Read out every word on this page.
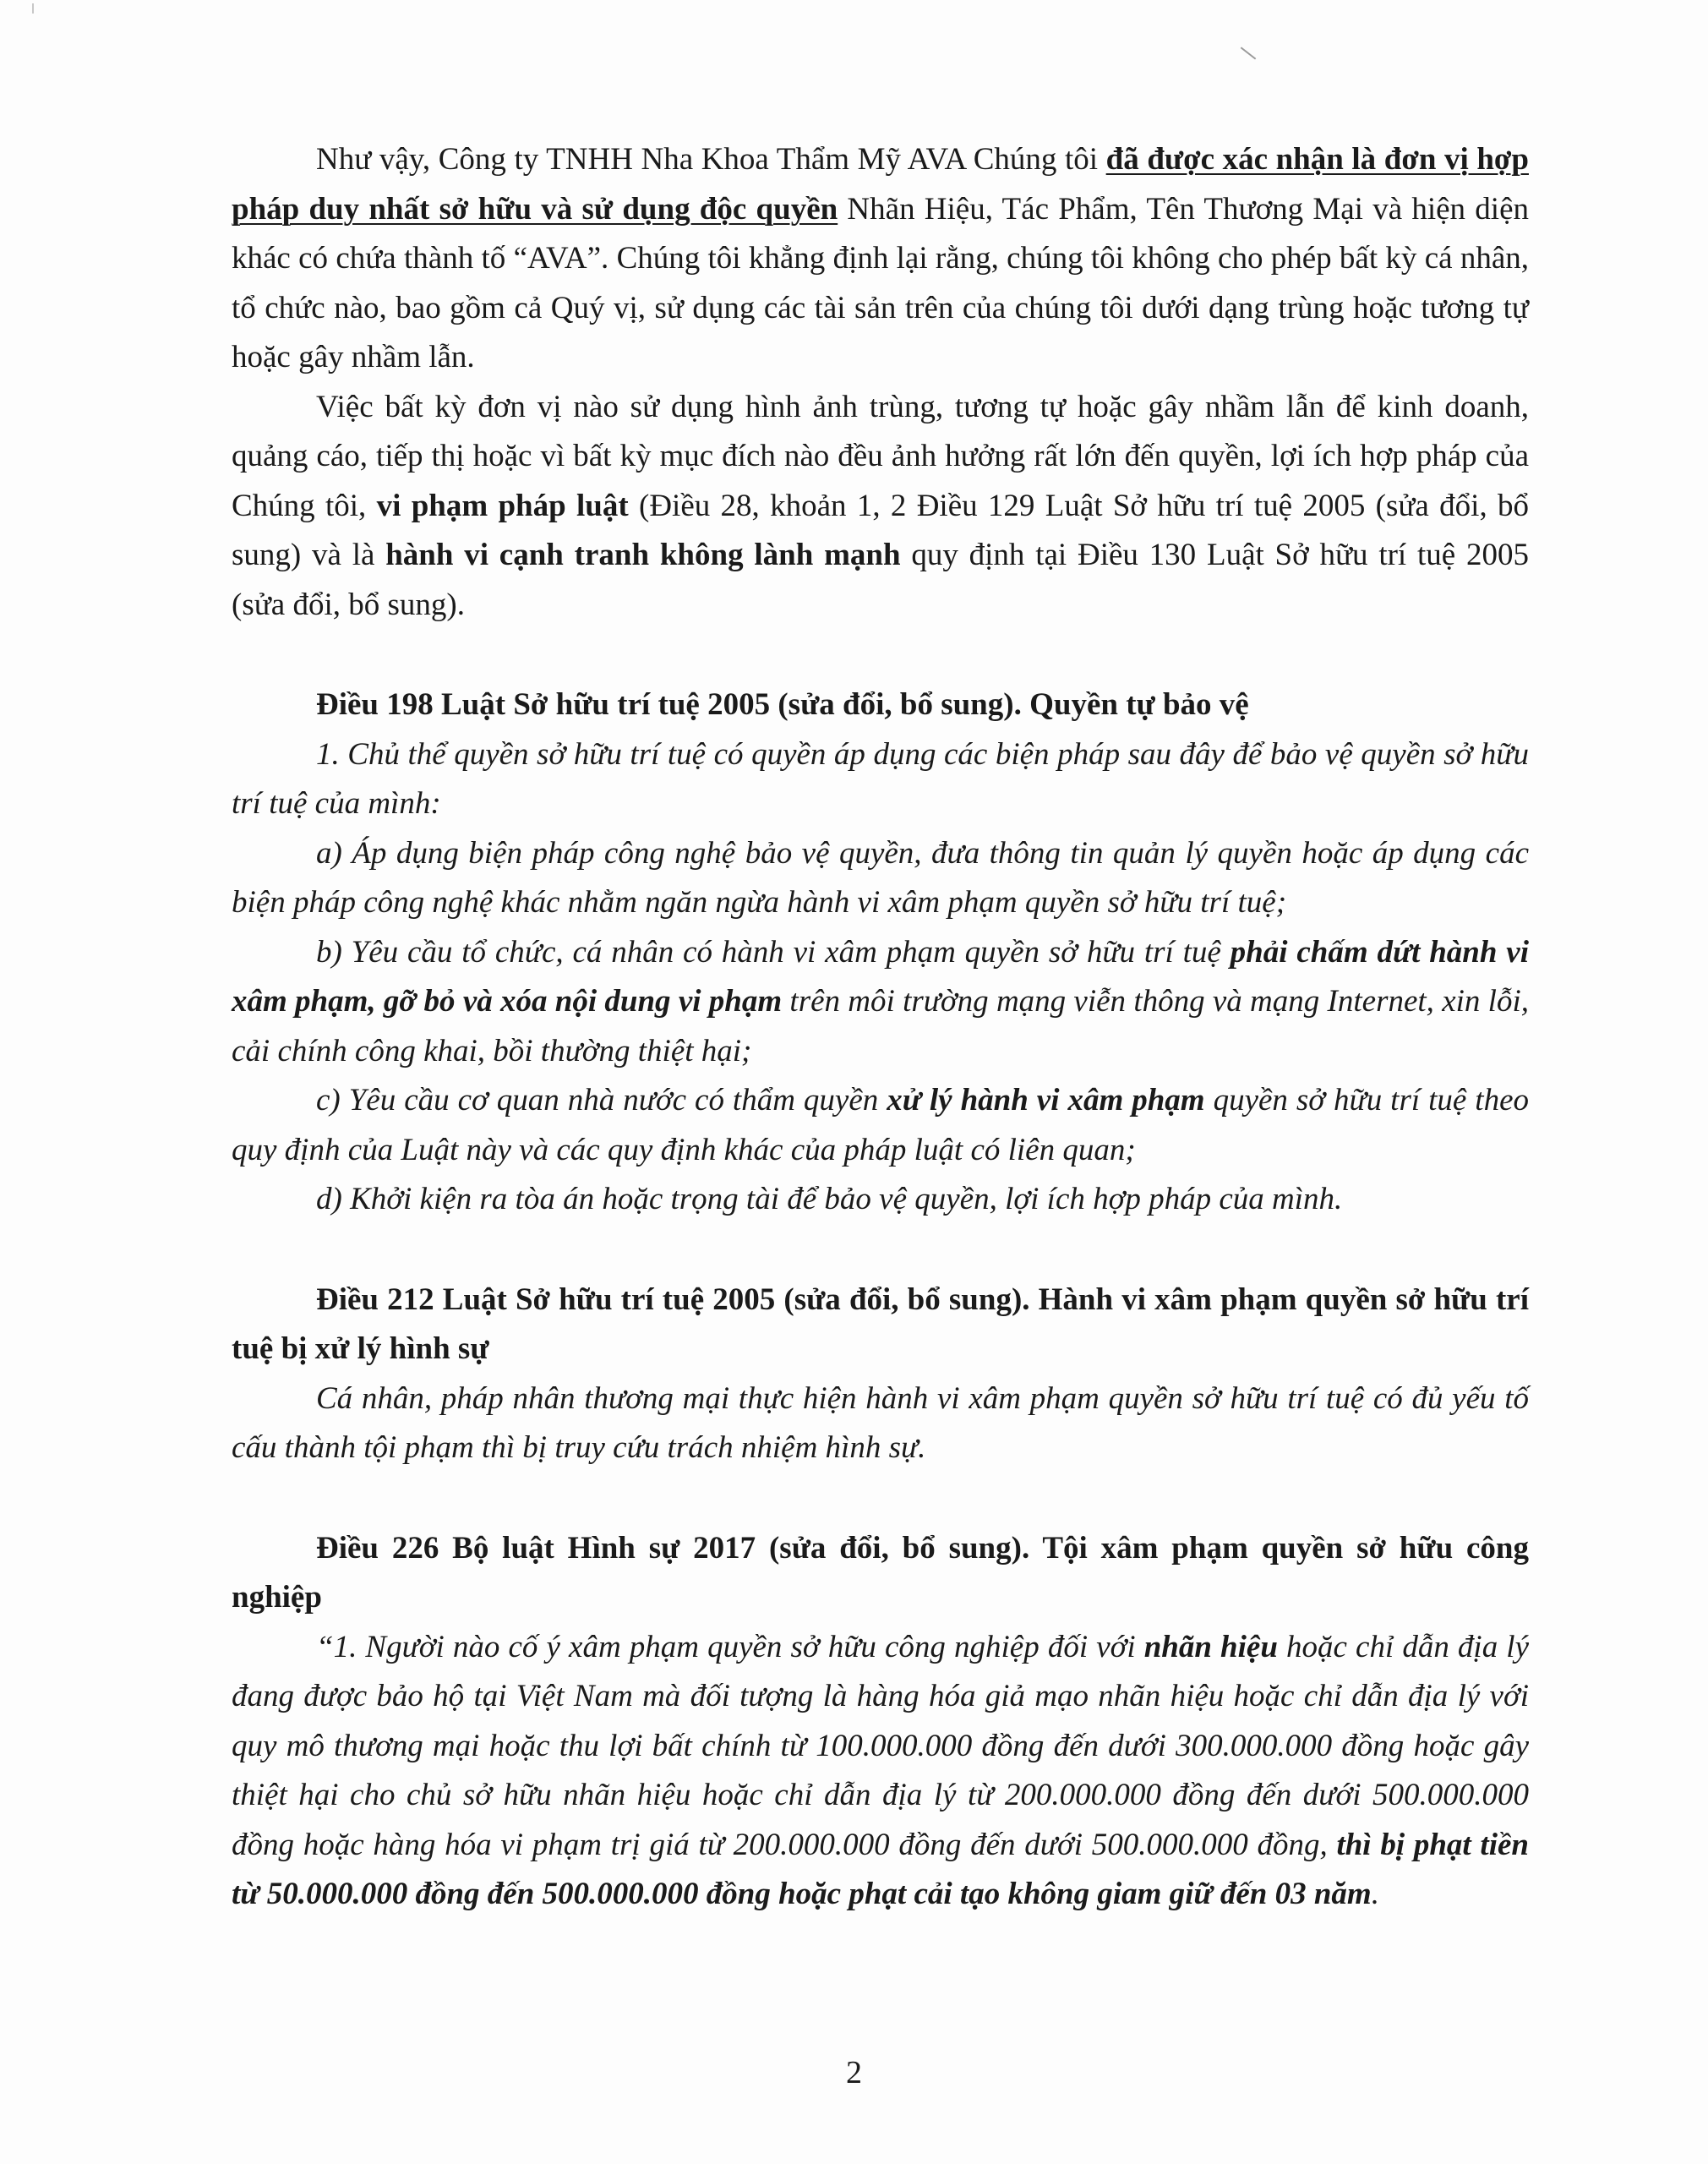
Như vậy, Công ty TNHH Nha Khoa Thẩm Mỹ AVA Chúng tôi đã được xác nhận là đơn vị hợp pháp duy nhất sở hữu và sử dụng độc quyền Nhãn Hiệu, Tác Phẩm, Tên Thương Mại và hiện diện khác có chứa thành tố “AVA”. Chúng tôi khẳng định lại rằng, chúng tôi không cho phép bất kỳ cá nhân, tổ chức nào, bao gồm cả Quý vị, sử dụng các tài sản trên của chúng tôi dưới dạng trùng hoặc tương tự hoặc gây nhầm lẫn.

Việc bất kỳ đơn vị nào sử dụng hình ảnh trùng, tương tự hoặc gây nhầm lẫn để kinh doanh, quảng cáo, tiếp thị hoặc vì bất kỳ mục đích nào đều ảnh hưởng rất lớn đến quyền, lợi ích hợp pháp của Chúng tôi, vi phạm pháp luật (Điều 28, khoản 1, 2 Điều 129 Luật Sở hữu trí tuệ 2005 (sửa đổi, bổ sung) và là hành vi cạnh tranh không lành mạnh quy định tại Điều 130 Luật Sở hữu trí tuệ 2005 (sửa đổi, bổ sung).

Điều 198 Luật Sở hữu trí tuệ 2005 (sửa đổi, bổ sung). Quyền tự bảo vệ

1. Chủ thể quyền sở hữu trí tuệ có quyền áp dụng các biện pháp sau đây để bảo vệ quyền sở hữu trí tuệ của mình:

a) Áp dụng biện pháp công nghệ bảo vệ quyền, đưa thông tin quản lý quyền hoặc áp dụng các biện pháp công nghệ khác nhằm ngăn ngừa hành vi xâm phạm quyền sở hữu trí tuệ;

b) Yêu cầu tổ chức, cá nhân có hành vi xâm phạm quyền sở hữu trí tuệ phải chấm dứt hành vi xâm phạm, gỡ bỏ và xóa nội dung vi phạm trên môi trường mạng viễn thông và mạng Internet, xin lỗi, cải chính công khai, bồi thường thiệt hại;

c) Yêu cầu cơ quan nhà nước có thẩm quyền xử lý hành vi xâm phạm quyền sở hữu trí tuệ theo quy định của Luật này và các quy định khác của pháp luật có liên quan;

d) Khởi kiện ra tòa án hoặc trọng tài để bảo vệ quyền, lợi ích hợp pháp của mình.

Điều 212 Luật Sở hữu trí tuệ 2005 (sửa đổi, bổ sung). Hành vi xâm phạm quyền sở hữu trí tuệ bị xử lý hình sự

Cá nhân, pháp nhân thương mại thực hiện hành vi xâm phạm quyền sở hữu trí tuệ có đủ yếu tố cấu thành tội phạm thì bị truy cứu trách nhiệm hình sự.

Điều 226 Bộ luật Hình sự 2017 (sửa đổi, bổ sung). Tội xâm phạm quyền sở hữu công nghiệp

“1. Người nào cố ý xâm phạm quyền sở hữu công nghiệp đối với nhãn hiệu hoặc chỉ dẫn địa lý đang được bảo hộ tại Việt Nam mà đối tượng là hàng hóa giả mạo nhãn hiệu hoặc chỉ dẫn địa lý với quy mô thương mại hoặc thu lợi bất chính từ 100.000.000 đồng đến dưới 300.000.000 đồng hoặc gây thiệt hại cho chủ sở hữu nhãn hiệu hoặc chỉ dẫn địa lý từ 200.000.000 đồng đến dưới 500.000.000 đồng hoặc hàng hóa vi phạm trị giá từ 200.000.000 đồng đến dưới 500.000.000 đồng, thì bị phạt tiền từ 50.000.000 đồng đến 500.000.000 đồng hoặc phạt cải tạo không giam giữ đến 03 năm.

2
